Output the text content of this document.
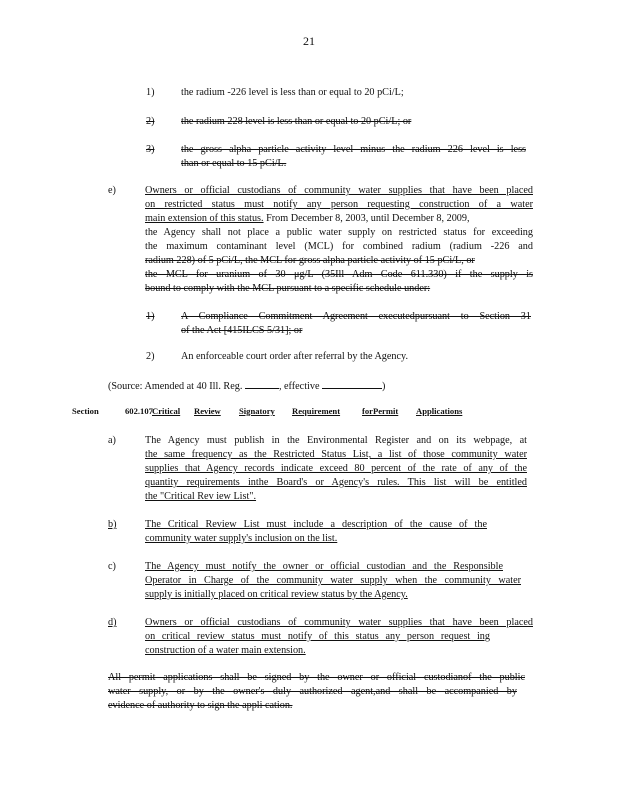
21
1)	the radium -226 level is less than or equal to 20 pCi/L;
2)	the radium 228 level is less than or equal to 20 pCi/L; or
3)	the gross alpha particle activity level minus the radium 226 level is less
than or equal to 15 pCi/L.
e)	Owners or official custodians of community water supplies that have been placed
on restricted status must notify any person requesting construction of a water
main extension of this status. From December 8, 2003, until December 8, 2009,
the Agency shall not place a public water supply on restricted status for exceeding
the maximum contaminant level (MCL) for combined radium (radium -226 and
radium 228) of 5 pCi/L, the MCL for gross alpha particle activity of 15 pCi/L, or
the MCL for uranium of 30 μg/L (35Ill Adm Code 611.330) if the supply is
bound to comply with the MCL pursuant to a specific schedule under:
1)	A Compliance Commitment Agreement executedpursuant to Section 31
of the Act [415ILCS 5/31]; or
2)	An enforceable court order after referral by the Agency.
(Source: Amended at 40 Ill. Reg.	, effective	)
Section	602.107 Critical Review Signatory Requirement	forPermit Applications
a)	The Agency must publish in the Environmental Register and on its webpage, at
the same frequency as the Restricted Status List, a list of those community water
supplies that Agency records indicate exceed 80 percent of the rate of any of the
quantity requirements inthe Board's or Agency's rules. This list will be entitled
the "Critical Rev iew List".
b)	The Critical Review List must include a description of the cause of the
community water supply's inclusion on the list.
c)	The Agency must notify the owner or official custodian and the Responsible
Operator in Charge of the community water supply when the community water
supply is initially placed on critical review status by the Agency.
d)	Owners or official custodians of community water supplies that have been placed
on critical review status must notify of this status any person request ing
construction of a water main extension.
All permit applications shall be signed by the owner or official custodianof the public
water supply, or by the owner's duly authorized agent,and shall be accompanied by
evidence of authority to sign the appli cation.
